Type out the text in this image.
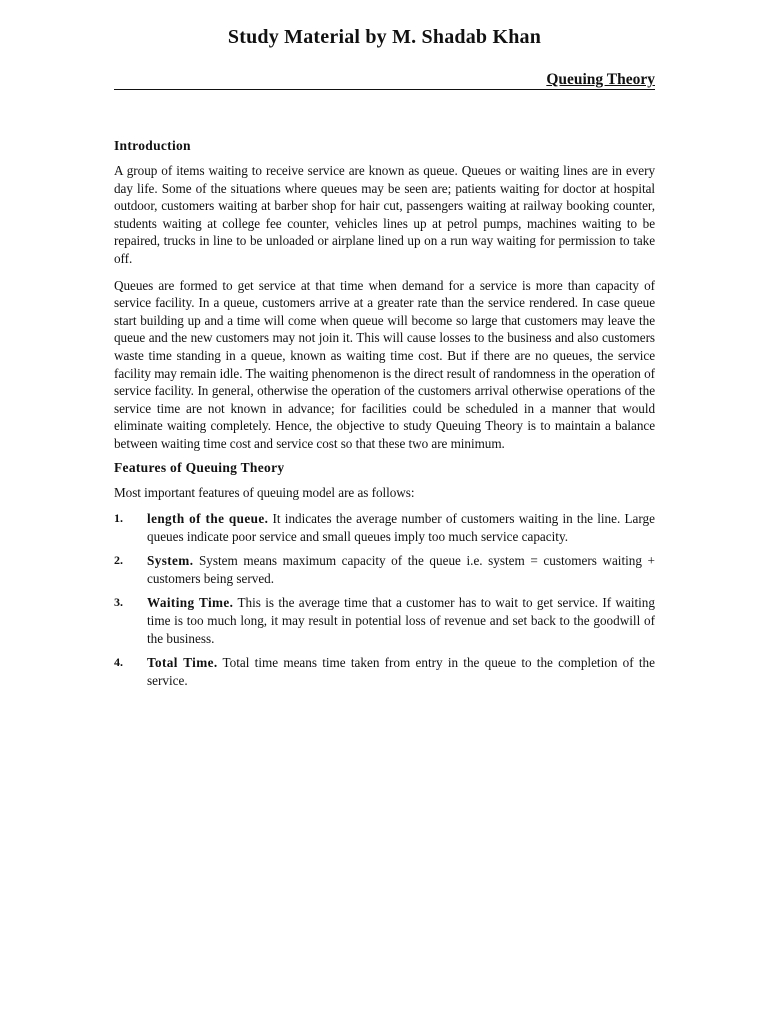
Study Material by M. Shadab Khan
Queuing Theory
Introduction

A group of items waiting to receive service are known as queue. Queues or waiting lines are in every day life. Some of the situations where queues may be seen are; patients waiting for doctor at hospital outdoor, customers waiting at barber shop for hair cut, passengers waiting at railway booking counter, students waiting at college fee counter, vehicles lines up at petrol pumps, machines waiting to be repaired, trucks in line to be unloaded or airplane lined up on a run way waiting for permission to take off.

Queues are formed to get service at that time when demand for a service is more than capacity of service facility. In a queue, customers arrive at a greater rate than the service rendered. In case queue start building up and a time will come when queue will become so large that customers may leave the queue and the new customers may not join it. This will cause losses to the business and also customers waste time standing in a queue, known as waiting time cost. But if there are no queues, the service facility may remain idle. The waiting phenomenon is the direct result of randomness in the operation of service facility. In general, otherwise the operation of the customers arrival otherwise operations of the service time are not known in advance; for facilities could be scheduled in a manner that would eliminate waiting completely. Hence, the objective to study Queuing Theory is to maintain a balance between waiting time cost and service cost so that these two are minimum.

Features of Queuing Theory

Most important features of queuing model are as follows:

1. length of the queue. It indicates the average number of customers waiting in the line. Large queues indicate poor service and small queues imply too much service capacity.
2. System. System means maximum capacity of the queue i.e. system = customers waiting + customers being served.
3. Waiting Time. This is the average time that a customer has to wait to get service. If waiting time is too much long, it may result in potential loss of revenue and set back to the goodwill of the business.
4. Total Time. Total time means time taken from entry in the queue to the completion of the service.
